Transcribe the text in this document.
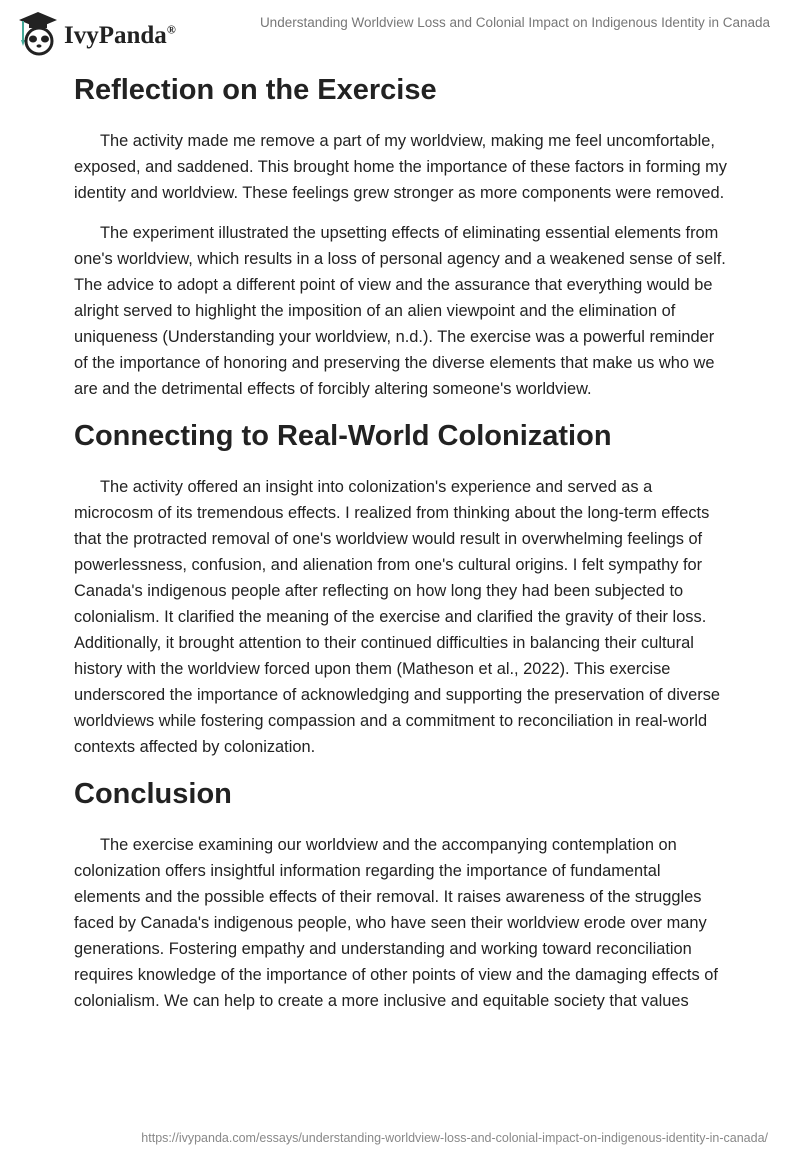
IvyPanda®	Understanding Worldview Loss and Colonial Impact on Indigenous Identity in Canada
Reflection on the Exercise

The activity made me remove a part of my worldview, making me feel uncomfortable, exposed, and saddened. This brought home the importance of these factors in forming my identity and worldview. These feelings grew stronger as more components were removed.

The experiment illustrated the upsetting effects of eliminating essential elements from one's worldview, which results in a loss of personal agency and a weakened sense of self. The advice to adopt a different point of view and the assurance that everything would be alright served to highlight the imposition of an alien viewpoint and the elimination of uniqueness (Understanding your worldview, n.d.). The exercise was a powerful reminder of the importance of honoring and preserving the diverse elements that make us who we are and the detrimental effects of forcibly altering someone's worldview.

Connecting to Real-World Colonization

The activity offered an insight into colonization's experience and served as a microcosm of its tremendous effects. I realized from thinking about the long-term effects that the protracted removal of one's worldview would result in overwhelming feelings of powerlessness, confusion, and alienation from one's cultural origins. I felt sympathy for Canada's indigenous people after reflecting on how long they had been subjected to colonialism. It clarified the meaning of the exercise and clarified the gravity of their loss. Additionally, it brought attention to their continued difficulties in balancing their cultural history with the worldview forced upon them (Matheson et al., 2022). This exercise underscored the importance of acknowledging and supporting the preservation of diverse worldviews while fostering compassion and a commitment to reconciliation in real-world contexts affected by colonization.

Conclusion

The exercise examining our worldview and the accompanying contemplation on colonization offers insightful information regarding the importance of fundamental elements and the possible effects of their removal. It raises awareness of the struggles faced by Canada's indigenous people, who have seen their worldview erode over many generations. Fostering empathy and understanding and working toward reconciliation requires knowledge of the importance of other points of view and the damaging effects of colonialism. We can help to create a more inclusive and equitable society that values

https://ivypanda.com/essays/understanding-worldview-loss-and-colonial-impact-on-indigenous-identity-in-canada/
